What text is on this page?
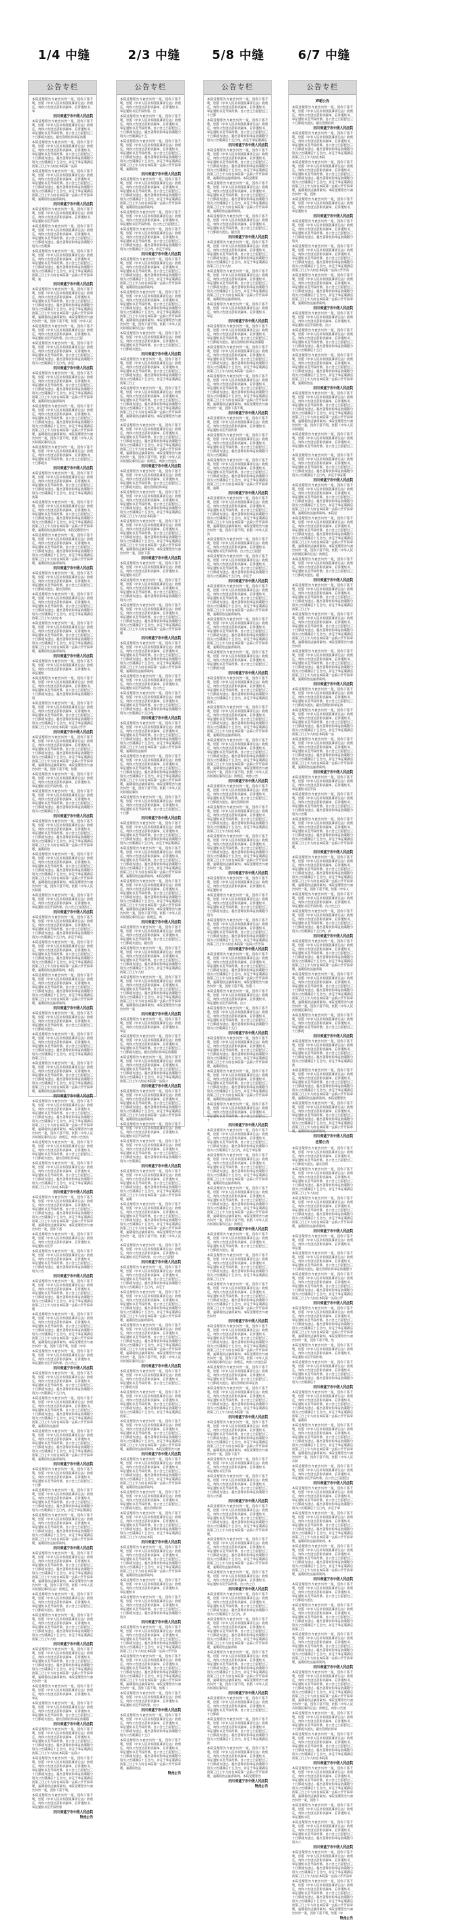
1/4 中缝	2/3 中缝	5/8 中缝	6/7 中缝
公告专栏
本院受理原告与被告纠纷一案，因你下落不明，依照《中华人民共和国民事诉讼法》的规定，向你公告送达起诉状副本、应诉通知书、举
四川省遂宁市中级人民法院
本院受理原告与被告纠纷一案，因你下落不明，依照《中华人民共和国民事诉讼法》的规定，向你公告送达起诉状副本、应诉通知书、举证通知书及开庭传票。自公告之日起经过三十日即视为送达。提出答辩状和举证的期
本院受理原告与被告纠纷一案，因你下落不明，依照《中华人民共和国民事诉讼法》的规定，向你公告送达起诉状副本、应诉通知书、举证通知书及开庭传票。自公告之日起经过三十日即视为送达。提出答辩状和举证的期限分别为公告期满后十五日内，并定于举证期满后的第三日上午九时在本院第一法庭
本院受理原告与被告纠纷一案，因你下落不明，依照《中华人民共和国民事诉讼法》的规定，向你公告送达起诉状副本、应诉通知书、举证通知书及开庭传票。自公告之日起经过三十日即视为送达。提出答辩状和举证的期限分别为公告期满后十五日内，并定于举证期满后的第三日上午九时在本院第一法庭公开开庭审理，逾期将依法缺席裁判。
四川省遂宁市中级人民法院
本院受理原告与被告纠纷一案，因你下落不明，依照《中华人民共和国民事诉讼法》的规定，向你公告送达起诉状副本、应诉通知书、举证通知书及开庭传
本院受理原告与被告纠纷一案，因你下落不明，依照《中华人民共和国民事诉讼法》的规定，向你公告送达起诉状副本、应诉通知书、举证通知书及开庭传票。自公告之日起经过三十日即视为送达。提出答辩状和举证的期限分别为公告期满
本院受理原告与被告纠纷一案，因你下落不明，依照《中华人民共和国民事诉讼法》的规定，向你公告送达起诉状副本、应诉通知书、举证通知书及开庭传票。自公告之日起经过三十日即视为送达。提出答辩状和举证的期限分别为公告期满后十五日内，并定于举证期满后的第三日上午九时在本院第一法庭公开开庭审理，逾
四川省遂宁市中级人民法院
本院受理原告与被告纠纷一案，因你下落不明，依照《中华人民共和国民事诉讼法》的规定，向你公告送达起诉状副本、应诉通知书、举证通知书及开庭传票。自公告之日起经过三十日即视为送达。提出答辩状和举证的期限分别为公告期满后十五日内，并定于举证期满后的第三日上午九时在本院第一法庭公开开庭审理，逾期将依法缺席裁判。本院受理原告与被告纠纷一案，因你下落不明，依照《中华人民
本院受理原告与被告纠纷一案，因你下落不明，依照《中华人民共和国民事诉讼法》的规定，向你公告送达起诉状副本、应诉通知书、举证通知书及开庭传票。自公告之日起
本院受理原告与被告纠纷一案，因你下落不明，依照《中华人民共和国民事诉讼法》的规定，向你公告送达起诉状副本、应诉通知书、举证通知书及开庭传票。自公告之日起经过三十日即视为送达。提出答辩状和举证的期限分别为公告期满后十五日内，并定
四川省遂宁市中级人民法院
本院受理原告与被告纠纷一案，因你下落不明，依照《中华人民共和国民事诉讼法》的规定，向你公告送达起诉状副本、应诉通知书、举证通知书及开庭传票。自公告之日起经过三十日即视为送达。提出答辩状和举证的期限分别为公告期满后十五日内，并定于举证期满后的第三日上午九时在本院第一法庭公开开庭审理，逾期将依法缺席裁判
本院受理原告与被告纠纷一案，因你下落不明，依照《中华人民共和国民事诉讼法》的规定，向你公告送达起诉状副本、应诉通知书、举证通知书及开庭传票。自公告之日起经过三十日即视为送达。提出答辩状和举证的期限分别为公告期满后十五日内，并定于举证期满后的第三日上午九时在本院第一法庭公开开庭审理，逾期将依法缺席裁判。本院受理原告与被告纠纷一案，因你下落不明，依照《中华人民共和国民事诉讼法
本院受理原告与被告纠纷一案，因你下落不明，依照《中华人民共和国民事诉讼法》的规定，向你公告送达起诉状副本、应诉通知书、举证通知书及开庭传票。自公告之日起经过三十日即视为
四川省遂宁市中级人民法院
本院受理原告与被告纠纷一案，因你下落不明，依照《中华人民共和国民事诉讼法》的规定，向你公告送达起诉状副本、应诉通知书、举证通知书及开庭传票。自公告之日起经过三十日即视为送达。提出答辩状和举证的期限分别为公告期满后十五日内，并定于举证期满后的第
本院受理原告与被告纠纷一案，因你下落不明，依照《中华人民共和国民事诉讼法》的规定，向你公告送达起诉状副本、应诉通知书、举证通知书及开庭传票。自公告之日起经过三十日即视为送达。提出答辩状和举证的期限分别为公告期满后十五日内，并定于举证期满后的第三日上午九时在本院第一法庭公开开庭审理，逾期将依法缺席裁判。本院受理原告与
本院受理原告与被告纠纷一案，因你下落不明，依照《中华人民共和国民事诉讼法》的规定，向你公告送达起诉状副本、应诉通知书、举证通知书及开庭传票。自公告之日起经过三十日即视为送达。提出答辩状和举证的期限分别为公告期满后十五日内，并定于举证期满后的第三日上午九时在本院第一法庭公开开庭审理，逾期将依法缺席裁判。
四川省遂宁市中级人民法院
本院受理原告与被告纠纷一案，因你下落不明，依照《中华人民共和国民事诉讼法》的规定，向你公告送达起诉状副本、应诉通知书、举证通知书及开庭传票。自公告之日起经过三十日即视为送达。提出答辩状
本院受理原告与被告纠纷一案，因你下落不明，依照《中华人民共和国民事诉讼法》的规定，向你公告送达起诉状副本、应诉通知书、举证通知书及开庭传票。自公告之日起经过三十日即视为送达。提出答辩状和举证的期限分别为公告期满后十五日内，并定于举证期满后的第三日上午九时在本
本院受理原告与被告纠纷一案，因你下落不明，依照《中华人民共和国民事诉讼法》的规定，向你公告送达起诉状副本、应诉通知书、举证通知书及开庭传票。自公告之日起经过三十日即视为送达。提出答辩状和举证的期限分别为公告期满后十五日内，并定于举证期满后的第三日上午九时在本院第一法庭公开开庭审理，逾期将依法缺席裁判。
四川省遂宁市中级人民法院
本院受理原告与被告纠纷一案，因你下落不明，依照《中华人民共和国民事诉讼法》的规定，向你公告送达起诉状副本、应诉通知书、举证通知
本院受理原告与被告纠纷一案，因你下落不明，依照《中华人民共和国民事诉讼法》的规定，向你公告送达起诉状副本、应诉通知书、举证通知书及开庭传票。自公告之日起经过三十日即视为送达。提出答辩状和举证的期限分别
本院受理原告与被告纠纷一案，因你下落不明，依照《中华人民共和国民事诉讼法》的规定，向你公告送达起诉状副本、应诉通知书、举证通知书及开庭传票。自公告之日起经过三十日即视为送达。提出答辩状和举证的期限分别为公告期满后十五日内，并定于举证期满后的第三日上午九时在本院第一法庭公开开
四川省遂宁市中级人民法院
本院受理原告与被告纠纷一案，因你下落不明，依照《中华人民共和国民事诉讼法》的规定，向你公告送达起诉状副本、应诉通知书、举证通知书及开庭传票。自公告之日起经过三十日即视为送达。提出答辩状和举证的期限分别为公告期满后十五日内，并定于举证期满后的第三日上午九时在本院第一法庭公开开庭审理，逾期将依法缺席裁判。本院受理原告与被告纠纷一案，因你下落不明，依照
本院受理原告与被告纠纷一案，因你下落不明，依照《中华人民共和国民事诉讼法》的规定，向你公告送达起诉状副本、应诉通知书、举证通知书及开庭传票。自
本院受理原告与被告纠纷一案，因你下落不明，依照《中华人民共和国民事诉讼法》的规定，向你公告送达起诉状副本、应诉通知书、举证通知书及开庭传票。自公告之日起经过三十日即视为送达。提出答辩状和举证的期限分别为公告期满后十五
四川省遂宁市中级人民法院
本院受理原告与被告纠纷一案，因你下落不明，依照《中华人民共和国民事诉讼法》的规定，向你公告送达起诉状副本、应诉通知书、举证通知书及开庭传票。自公告之日起经过三十日即视为送达。提出答辩状和举证的期限分别为公告期满后十五日内，并定于举证期满后的第三日上午九时在本院第一法庭公开开庭审理，逾期将依
本院受理原告与被告纠纷一案，因你下落不明，依照《中华人民共和国民事诉讼法》的规定，向你公告送达起诉状副本、应诉通知书、举证通知书及开庭传票。自公告之日起经过三十日即视为送达。提出答辩状和举证的期限分别为公告期满后十五日内，并定于举证期满后的第三日上午九时在本院第一法庭公开开庭审理，逾期将依法缺席裁判。本院受理原告与被告纠纷一案，因你下落不明，依照《中华人民共和国
本院受理原告与被告纠纷一案，因你下落不明，依照《中华人民共和国民事诉讼法》的规定，向你公告送达起诉状副本、应诉通知书、举证通知书及开庭传票。自公告之日起经过三
四川省遂宁市中级人民法院
本院受理原告与被告纠纷一案，因你下落不明，依照《中华人民共和国民事诉讼法》的规定，向你公告送达起诉状副本、应诉通知书、举证通知书及开庭传票。自公告之日起经过三十日即视为送达。提出答辩状和举证的期限分别为公告期满后十五日内，并定于举证
本院受理原告与被告纠纷一案，因你下落不明，依照《中华人民共和国民事诉讼法》的规定，向你公告送达起诉状副本、应诉通知书、举证通知书及开庭传票。自公告之日起经过三十日即视为送达。提出答辩状和举证的期限分别为公告期满后十五日内，并定于举证期满后的第三日上午九时在本院第一法庭公开开庭审理，逾期将依法缺席裁判。本院
本院受理原告与被告纠纷一案，因你下落不明，依照《中华人民共和国民事诉讼法》的规定，向你公告送达起诉状副本、应诉通知书、举证通知书及开庭传票。自公告之日起经过三十日即视为送达。提出答辩状和举证的期限分别为公告期满后十五日内，并定于举证期满后的第三日上午九时在本院第一法庭公开开庭审理，逾期将依法缺席裁判。
四川省遂宁市中级人民法院
本院受理原告与被告纠纷一案，因你下落不明，依照《中华人民共和国民事诉讼法》的规定，向你公告送达起诉状副本、应诉通知书、举证通知书及开庭传票。自公告之日起经过三十日即视为送达。
本院受理原告与被告纠纷一案，因你下落不明，依照《中华人民共和国民事诉讼法》的规定，向你公告送达起诉状副本、应诉通知书、举证通知书及开庭传票。自公告之日起经过三十日即视为送达。提出答辩状和举证的期限分别为公告期满后十五日内，并定于举证期满后的第三日上
本院受理原告与被告纠纷一案，因你下落不明，依照《中华人民共和国民事诉讼法》的规定，向你公告送达起诉状副本、应诉通知书、举证通知书及开庭传票。自公告之日起经过三十日即视为送达。提出答辩状和举证的期限分别为公告期满后十五日内，并定于举证期满后的第三日上午九时在本院第一法庭公开开庭审理，逾期将依法缺席裁判。
四川省遂宁市中级人民法院
本院受理原告与被告纠纷一案，因你下落不明，依照《中华人民共和国民事诉讼法》的规定，向你公告送达起诉状副本、应诉通知书、举证通知书及开庭传票。自公告之日起经过三十日即视为送达。提出答辩状和举证的期限分别为公告期满后十五日内，并定于举证期满后的第三日上午九时在本院第一法庭公开开庭审理，逾期将依法缺席裁判。本院受理原告与被告纠纷一案，因你下落不明，依照《中华人民共和国民事诉讼法》的规定，向你公告送达
本院受理原告与被告纠纷一案，因你下落不明，依照《中华人民共和国民事诉讼法》的规定，向你公告送达起诉状副本、应诉通知书、举证通知书及开庭传票。自公告之日起经过三十日即视为送达。提出答辩状和举证
本院受理原告与被告纠纷一案，因你下落不明，依照《中华人民共和国民事诉讼法》的规定，向你公告送达起诉状副本、应诉通知书、举证通知书及开庭传票。自公告之日起经过三十日即视为送达。提出答辩状和举证的期限分别为公告期满后十五日内，并定于举证期满后的第三日上午九时在本院第一
四川省遂宁市中级人民法院
本院受理原告与被告纠纷一案，因你下落不明，依照《中华人民共和国民事诉讼法》的规定，向你公告送达起诉状副本、应诉通知书、举证通知书及开庭传票。自公告之日起经过三十日即视为送达。提出答辩状和举证的期限分别为公告期满后十五日内，并定于举证期满后的第三日上午九时在本院第一法庭公开开庭审理，逾期将依法缺席裁判。本院受理原告与被告纠纷一案，因你下落
本院受理原告与被告纠纷一案，因你下落不明，依照《中华人民共和国民事诉讼法》的规定，向你公告送达起诉状副本、应诉通知书、举证通知书及开
本院受理原告与被告纠纷一案，因你下落不明，依照《中华人民共和国民事诉讼法》的规定，向你公告送达起诉状副本、应诉通知书、举证通知书及开庭传票。自公告之日起经过三十日即视为送达。提出答辩状和举证的期限分别为公告
四川省遂宁市中级人民法院
本院受理原告与被告纠纷一案，因你下落不明，依照《中华人民共和国民事诉讼法》的规定，向你公告送达起诉状副本、应诉通知书、举证通知书及开庭传票。自公告之日起经过三十日即视为送达。提出答辩状和举证的期限分别为公告期满后十五日内，并定于举证期满后的第三日上午九时在本院第一法庭公开开庭审理
本院受理原告与被告纠纷一案，因你下落不明，依照《中华人民共和国民事诉讼法》的规定，向你公告送达起诉状副本、应诉通知书、举证通知书及开庭传票。自公告之日起经过三十日即视为送达。提出答辩状和举证的期限分别为公告期满后十五日内，并定于举证期满后的第三日上午九时在本院第一法庭公开开庭审理，逾期将依法缺席裁判。本院受理原告与被告纠纷一案，因你下落不明，依照《中华
本院受理原告与被告纠纷一案，因你下落不明，依照《中华人民共和国民事诉讼法》的规定，向你公告送达起诉状副本、应诉通知书、举证通知书及开庭传票。自公告之
四川省遂宁市中级人民法院
本院受理原告与被告纠纷一案，因你下落不明，依照《中华人民共和国民事诉讼法》的规定，向你公告送达起诉状副本、应诉通知书、举证通知书及开庭传票。自公告之日起经过三十日即视为送达。提出答辩状和举证的期限分别为公告期满后十五日内，
本院受理原告与被告纠纷一案，因你下落不明，依照《中华人民共和国民事诉讼法》的规定，向你公告送达起诉状副本、应诉通知书、举证通知书及开庭传票。自公告之日起经过三十日即视为送达。提出答辩状和举证的期限分别为公告期满后十五日内，并定于举证期满后的第三日上午九时在本院第一法庭公开开庭审理，逾期将依法缺席
本院受理原告与被告纠纷一案，因你下落不明，依照《中华人民共和国民事诉讼法》的规定，向你公告送达起诉状副本、应诉通知书、举证通知书及开庭传票。自公告之日起经过三十日即视为送达。提出答辩状和举证的期限分别为公告期满后十五日内，并定于举证期满后的第三日上午九时在本院第一法庭公开开庭审理，逾期将依法缺席裁判。
四川省遂宁市中级人民法院
本院受理原告与被告纠纷一案，因你下落不明，依照《中华人民共和国民事诉讼法》的规定，向你公告送达起诉状副本、应诉通知书、举证通知书及开庭传票。自公告之日起经过三十日即
本院受理原告与被告纠纷一案，因你下落不明，依照《中华人民共和国民事诉讼法》的规定，向你公告送达起诉状副本、应诉通知书、举证通知书及开庭传票。自公告之日起经过三十日即视为送达。提出答辩状和举证的期限分别为公告期满后十五日内，并定于举证期满后
本院受理原告与被告纠纷一案，因你下落不明，依照《中华人民共和国民事诉讼法》的规定，向你公告送达起诉状副本、应诉通知书、举证通知书及开庭传票。自公告之日起经过三十日即视为送达。提出答辩状和举证的期限分别为公告期满后十五日内，并定于举证期满后的第三日上午九时在本院第一法庭公开开庭审理，逾期将依法缺席裁判。
四川省遂宁市中级人民法院
本院受理原告与被告纠纷一案，因你下落不明，依照《中华人民共和国民事诉讼法》的规定，向你公告送达起诉状副本、应诉通知书、举证通知书及开庭传票。自公告之日起经过三十日即视为送达。提出答辩状和举证的期限分别为公告期满后十五日内，并定于举证期满后的第三日上午九时在本院第一法庭公开开庭审理，逾期将依法缺席裁判。本院受理原告与被告纠纷一案，因你下落不明，依照《中华人民共和国民事诉讼法》的规定，向
本院受理原告与被告纠纷一案，因你下落不明，依照《中华人民共和国民事诉讼法》的规定，向你公告送达起诉状副本、应诉通知书、举证通知书及开庭传票。自公告之日起经过三十日即视为送达。提出答
本院受理原告与被告纠纷一案，因你下落不明，依照《中华人民共和国民事诉讼法》的规定，向你公告送达起诉状副本、应诉通知书、举证通知书及开庭传票。自公告之日起经过三十日即视为送达。提出答辩状和举证的期限分别为公告期满后十五日内，并定于举证期满后的第三日上午九时
四川省遂宁市中级人民法院
本院受理原告与被告纠纷一案，因你下落不明，依照《中华人民共和国民事诉讼法》的规定，向你公告送达起诉状副本、应诉通知书、举证通知书及开庭传票。自公告之日起经过三十日即视为送达。提出答辩状和举证的期限分别为公告期满后十五日内，并定于举证期满后的第三日上午九时在本院第一法庭公开开庭审理，逾期将依法缺席裁判。本院受理原告与被告纠纷一案
本院受理原告与被告纠纷一案，因你下落不明，依照《中华人民共和国民事诉讼法》的规定，向你公告送达起诉状副本、应诉通知书、举证
本院受理原告与被告纠纷一案，因你下落不明，依照《中华人民共和国民事诉讼法》的规定，向你公告送达起诉状副本、应诉通知书、举证通知书及开庭传票。自公告之日起经过三十日即视为送达。提出答辩状和举证的期限
四川省遂宁市中级人民法院
本院受理原告与被告纠纷一案，因你下落不明，依照《中华人民共和国民事诉讼法》的规定，向你公告送达起诉状副本、应诉通知书、举证通知书及开庭传票。自公告之日起经过三十日即视为送达。提出答辩状和举证的期限分别为公告期满后十五日内，并定于举证期满后的第三日上午九时在本院第一法庭公
本院受理原告与被告纠纷一案，因你下落不明，依照《中华人民共和国民事诉讼法》的规定，向你公告送达起诉状副本、应诉通知书、举证通知书及开庭传票。自公告之日起经过三十日即视为送达。提出答辩状和举证的期限分别为公告期满后十五日内，并定于举证期满后的第三日上午九时在本院第一法庭公开开庭审理，逾期将依法缺席裁判。本院受理原告与被告纠纷一案，因你下落不明，
本院受理原告与被告纠纷一案，因你下落不明，依照《中华人民共和国民事诉讼法》的规定，向你公告送达起诉状副本、应诉通知书、举证通知书及开庭传票
四川省遂宁市中级人民法院
特此公告
公告专栏
本院受理原告与被告纠纷一案，因你下落不明，依照《中华人民共和国民事诉讼法》的规定，向你公告送达起诉状副本、应诉通知书、举证通知书及开庭传票。自
本院受理原告与被告纠纷一案，因你下落不明，依照《中华人民共和国民事诉讼法》的规定，向你公告送达起诉状副本、应诉通知书、举证通知书及开庭传票。自公告之日起经过三十日即视为送达。提出答辩状和举证的期限分别为公告期满后十五
本院受理原告与被告纠纷一案，因你下落不明，依照《中华人民共和国民事诉讼法》的规定，向你公告送达起诉状副本、应诉通知书、举证通知书及开庭传票。自公告之日起经过三十日即视为送达。提出答辩状和举证的期限分别为公告期满后十五日内，并定于举证期满后的第三日上午九时在本院第一法庭公开开庭审理，逾期将依
四川省遂宁市中级人民法院
本院受理原告与被告纠纷一案，因你下落不明，依照《中华人民共和国民事诉讼法》的规定，向你公告送达起诉状副本、应诉通知书、举证通知书及开庭传票。自公告之日起经过三十日即视为送达。提出答辩状和举证的期限分别为公告期满后十五日内，并定于举证期满后的第三日上午九时在本院第一法庭公开开庭审理，逾期将依法缺席裁判。
本院受理原告与被告纠纷一案，因你下落不明，依照《中华人民共和国民事诉讼法》的规定，向你公告送达起诉状副本、应诉通知书、举证通知书及开庭传票。自公告之日起经过三
本院受理原告与被告纠纷一案，因你下落不明，依照《中华人民共和国民事诉讼法》的规定，向你公告送达起诉状副本、应诉通知书、举证通知书及开庭传票。自公告之日起经过三十日即视为送达。提出答辩状和举证的期限分别为公告期满后十五日内，并定于举证
四川省遂宁市中级人民法院
本院受理原告与被告纠纷一案，因你下落不明，依照《中华人民共和国民事诉讼法》的规定，向你公告送达起诉状副本、应诉通知书、举证通知书及开庭传票。自公告之日起经过三十日即视为送达。提出答辩状和举证的期限分别为公告期满后十五日内，并定于举证期满后的第三日上午九时在本院第一法庭公开开庭审理，逾期将依法缺席裁判。
本院受理原告与被告纠纷一案，因你下落不明，依照《中华人民共和国民事诉讼法》的规定，向你公告送达起诉状副本、应诉通知书、举证通知书及开庭传票。自公告之日起经过三十日即视为送达。提出答辩状和举证的期限分别为公告期满后十五日内，并定于举证期满后的第三日上午九时在本院第一法庭公开开庭审理，逾期将依法缺席裁判。本院受理原告与被告纠纷一案，因你下落不明，依照《中华人民共和国民事诉讼法》的规
本院受理原告与被告纠纷一案，因你下落不明，依照《中华人民共和国民事诉讼法》的规定，向你公告送达起诉状副本、应诉通知书、举证通知书及开庭传票。自公告之日起经过三十日即视为送达。
四川省遂宁市中级人民法院
本院受理原告与被告纠纷一案，因你下落不明，依照《中华人民共和国民事诉讼法》的规定，向你公告送达起诉状副本、应诉通知书、举证通知书及开庭传票。自公告之日起经过三十日即视为送达。提出答辩状和举证的期限分别为公告期满后十五日内，并定于举证期满后的第三日上
本院受理原告与被告纠纷一案，因你下落不明，依照《中华人民共和国民事诉讼法》的规定，向你公告送达起诉状副本、应诉通知书、举证通知书及开庭传票。自公告之日起经过三十日即视为送达。提出答辩状和举证的期限分别为公告期满后十五日内，并定于举证期满后的第三日上午九时在本院第一法庭公开开庭审理，逾期将依法缺席裁判。本院受理原告与被告纠
本院受理原告与被告纠纷一案，因你下落不明，依照《中华人民共和国民事诉讼法》的规定，向你公告送达起诉状副本、应诉通知书、举证通知书及开庭传票。自公告之日起经过三十日即视为送达。提出答辩状和举证的期限分别为公告期满后十五日内，并定于举证期满后的第三日上午九时在本院第一法庭公开开庭审理，逾期将依法缺席裁判。本院受理原告与被告纠纷一案，因你下落不明，依照《中华人民共和国民事诉讼法》的规定，向你公告送达
四川省遂宁市中级人民法院
本院受理原告与被告纠纷一案，因你下落不明，依照《中华人民共和国民事诉讼法》的规定，向你公告送达起诉状副本、应诉通知书、举证通知书及开庭传票。自公告之日起经过三十日即视为送达。提出答辩状和举证
本院受理原告与被告纠纷一案，因你下落不明，依照《中华人民共和国民事诉讼法》的规定，向你公告送达起诉状副本、应诉通知书、举证通知书及开庭传票。自公告之日起经过三十日即视为送达。提出答辩状和举证的期限分别为公告期满后十五日内，并定于举证期满后的第三日上午九时在本院第一
本院受理原告与被告纠纷一案，因你下落不明，依照《中华人民共和国民事诉讼法》的规定，向你公告送达起诉状副本、应诉通知书、举证通知书及开庭传票。自公告之日起经过三十日即视为送达。提出答辩状和举证的期限分别为公告期满后十五日内，并定于举证期满后的第三日上午九时在本院第一法庭公开开庭审理，逾期将依法缺席裁判。本院受理原告与被告纠纷一案，因你下落
四川省遂宁市中级人民法院
本院受理原告与被告纠纷一案，因你下落不明，依照《中华人民共和国民事诉讼法》的规定，向你公告送达起诉状副本、应诉通知书、举证通知书及开
本院受理原告与被告纠纷一案，因你下落不明，依照《中华人民共和国民事诉讼法》的规定，向你公告送达起诉状副本、应诉通知书、举证通知书及开庭传票。自公告之日起经过三十日即视为送达。提出答辩状和举证的期限分别为公告
本院受理原告与被告纠纷一案，因你下落不明，依照《中华人民共和国民事诉讼法》的规定，向你公告送达起诉状副本、应诉通知书、举证通知书及开庭传票。自公告之日起经过三十日即视为送达。提出答辩状和举证的期限分别为公告期满后十五日内，并定于举证期满后的第三日上午九时在本院第一法庭公开开庭审理
四川省遂宁市中级人民法院
本院受理原告与被告纠纷一案，因你下落不明，依照《中华人民共和国民事诉讼法》的规定，向你公告送达起诉状副本、应诉通知书、举证通知书及开庭传票。自公告之日起经过三十日即视为送达。提出答辩状和举证的期限分别为公告期满后十五日内，并定于举证期满后的第三日上午九时在本院第一法庭公开开庭审理，逾期将依法缺席裁判。
本院受理原告与被告纠纷一案，因你下落不明，依照《中华人民共和国民事诉讼法》的规定，向你公告送达起诉状副本、应诉通知书、举证通知书及开庭传票。自公告之
本院受理原告与被告纠纷一案，因你下落不明，依照《中华人民共和国民事诉讼法》的规定，向你公告送达起诉状副本、应诉通知书、举证通知书及开庭传票。自公告之日起经过三十日即视为送达。提出答辩状和举证的期限分别为公告期满后十五日内，
四川省遂宁市中级人民法院
本院受理原告与被告纠纷一案，因你下落不明，依照《中华人民共和国民事诉讼法》的规定，向你公告送达起诉状副本、应诉通知书、举证通知书及开庭传票。自公告之日起经过三十日即视为送达。提出答辩状和举证的期限分别为公告期满后十五日内，并定于举证期满后的第三日上午九时在本院第一法庭公开开庭审理，逾期将依法缺席
本院受理原告与被告纠纷一案，因你下落不明，依照《中华人民共和国民事诉讼法》的规定，向你公告送达起诉状副本、应诉通知书、举证通知书及开庭传票。自公告之日起经过三十日即视为送达。提出答辩状和举证的期限分别为公告期满后十五日内，并定于举证期满后的第三日上午九时在本院第一法庭公开开庭审理，逾期将依法缺席裁判。本院受理原告与被告纠纷一案，因你下落不明，依照《中华人民共和国民事诉
本院受理原告与被告纠纷一案，因你下落不明，依照《中华人民共和国民事诉讼法》的规定，向你公告送达起诉状副本、应诉通知书、举证通知书及开庭传票。自公告之日起经过三十日即
四川省遂宁市中级人民法院
本院受理原告与被告纠纷一案，因你下落不明，依照《中华人民共和国民事诉讼法》的规定，向你公告送达起诉状副本、应诉通知书、举证通知书及开庭传票。自公告之日起经过三十日即视为送达。提出答辩状和举证的期限分别为公告期满后十五日内，并定于举证期满后
本院受理原告与被告纠纷一案，因你下落不明，依照《中华人民共和国民事诉讼法》的规定，向你公告送达起诉状副本、应诉通知书、举证通知书及开庭传票。自公告之日起经过三十日即视为送达。提出答辩状和举证的期限分别为公告期满后十五日内，并定于举证期满后的第三日上午九时在本院第一法庭公开开庭审理，逾期将依法缺席裁判。本院受理原
本院受理原告与被告纠纷一案，因你下落不明，依照《中华人民共和国民事诉讼法》的规定，向你公告送达起诉状副本、应诉通知书、举证通知书及开庭传票。自公告之日起经过三十日即视为送达。提出答辩状和举证的期限分别为公告期满后十五日内，并定于举证期满后的第三日上午九时在本院第一法庭公开开庭审理，逾期将依法缺席裁判。本院受理原告与被告纠纷一案，因你下落不明，依照《中华人民共和国民事诉讼法》的规定，向
四川省遂宁市中级人民法院
本院受理原告与被告纠纷一案，因你下落不明，依照《中华人民共和国民事诉讼法》的规定，向你公告送达起诉状副本、应诉通知书、举证通知书及开庭传票。自公告之日起经过三十日即视为送达。提出答
本院受理原告与被告纠纷一案，因你下落不明，依照《中华人民共和国民事诉讼法》的规定，向你公告送达起诉状副本、应诉通知书、举证通知书及开庭传票。自公告之日起经过三十日即视为送达。提出答辩状和举证的期限分别为公告期满后十五日内，并定于举证期满后的第三日上午九时
本院受理原告与被告纠纷一案，因你下落不明，依照《中华人民共和国民事诉讼法》的规定，向你公告送达起诉状副本、应诉通知书、举证通知书及开庭传票。自公告之日起经过三十日即视为送达。提出答辩状和举证的期限分别为公告期满后十五日内，并定于举证期满后的第三日上午九时在本院第一法庭公开开庭审理，逾期将依法缺席裁判。本院受理原告与被告纠纷一案
四川省遂宁市中级人民法院
本院受理原告与被告纠纷一案，因你下落不明，依照《中华人民共和国民事诉讼法》的规定，向你公告送达起诉状副本、应诉通知书、举证
本院受理原告与被告纠纷一案，因你下落不明，依照《中华人民共和国民事诉讼法》的规定，向你公告送达起诉状副本、应诉通知书、举证通知书及开庭传票。自公告之日起经过三十日即视为送达。提出答辩状和举证的期限
本院受理原告与被告纠纷一案，因你下落不明，依照《中华人民共和国民事诉讼法》的规定，向你公告送达起诉状副本、应诉通知书、举证通知书及开庭传票。自公告之日起经过三十日即视为送达。提出答辩状和举证的期限分别为公告期满后十五日内，并定于举证期满后的第三日上午九时在本院第一法庭公
四川省遂宁市中级人民法院
本院受理原告与被告纠纷一案，因你下落不明，依照《中华人民共和国民事诉讼法》的规定，向你公告送达起诉状副本、应诉通知书、举证通知书及开庭传票。自公告之日起经过三十日即视为送达。提出答辩状和举证的期限分别为公告期满后十五日内，并定于举证期满后的第三日上午九时在本院第一法庭公开开庭审理，逾期将依法缺席裁判。
本院受理原告与被告纠纷一案，因你下落不明，依照《中华人民共和国民事诉讼法》的规定，向你公告送达起诉状副本、应诉通知书、举证通知书及开庭传票
本院受理原告与被告纠纷一案，因你下落不明，依照《中华人民共和国民事诉讼法》的规定，向你公告送达起诉状副本、应诉通知书、举证通知书及开庭传票。自公告之日起经过三十日即视为送达。提出答辩状和举证的期限分别为公告期满后
四川省遂宁市中级人民法院
本院受理原告与被告纠纷一案，因你下落不明，依照《中华人民共和国民事诉讼法》的规定，向你公告送达起诉状副本、应诉通知书、举证通知书及开庭传票。自公告之日起经过三十日即视为送达。提出答辩状和举证的期限分别为公告期满后十五日内，并定于举证期满后的第三日上午九时在本院第一法庭公开开庭审理，逾期
本院受理原告与被告纠纷一案，因你下落不明，依照《中华人民共和国民事诉讼法》的规定，向你公告送达起诉状副本、应诉通知书、举证通知书及开庭传票。自公告之日起经过三十日即视为送达。提出答辩状和举证的期限分别为公告期满后十五日内，并定于举证期满后的第三日上午九时在本院第一法庭公开开庭审理，逾期将依法缺席裁判。本院受理原告与被告纠纷一案，因你下落不明，依照《中华人民共
本院受理原告与被告纠纷一案，因你下落不明，依照《中华人民共和国民事诉讼法》的规定，向你公告送达起诉状副本、应诉通知书、举证通知书及开庭传票。自公告之日起经
四川省遂宁市中级人民法院
本院受理原告与被告纠纷一案，因你下落不明，依照《中华人民共和国民事诉讼法》的规定，向你公告送达起诉状副本、应诉通知书、举证通知书及开庭传票。自公告之日起经过三十日即视为送达。提出答辩状和举证的期限分别为公告期满后十五日内，并定于
本院受理原告与被告纠纷一案，因你下落不明，依照《中华人民共和国民事诉讼法》的规定，向你公告送达起诉状副本、应诉通知书、举证通知书及开庭传票。自公告之日起经过三十日即视为送达。提出答辩状和举证的期限分别为公告期满后十五日内，并定于举证期满后的第三日上午九时在本院第一法庭公开开庭审理，逾期将依法缺席裁判。
本院受理原告与被告纠纷一案，因你下落不明，依照《中华人民共和国民事诉讼法》的规定，向你公告送达起诉状副本、应诉通知书、举证通知书及开庭传票。自公告之日起经过三十日即视为送达。提出答辩状和举证的期限分别为公告期满后十五日内，并定于举证期满后的第三日上午九时在本院第一法庭公开开庭审理，逾期将依法缺席裁判。本院受理原告与被告纠纷一案，因你下落不明，依照《中华人民共和国民事诉讼法》
四川省遂宁市中级人民法院
本院受理原告与被告纠纷一案，因你下落不明，依照《中华人民共和国民事诉讼法》的规定，向你公告送达起诉状副本、应诉通知书、举证通知书及开庭传票。自公告之日起经过三十日即视为送
本院受理原告与被告纠纷一案，因你下落不明，依照《中华人民共和国民事诉讼法》的规定，向你公告送达起诉状副本、应诉通知书、举证通知书及开庭传票。自公告之日起经过三十日即视为送达。提出答辩状和举证的期限分别为公告期满后十五日内，并定于举证期满后的第三
本院受理原告与被告纠纷一案，因你下落不明，依照《中华人民共和国民事诉讼法》的规定，向你公告送达起诉状副本、应诉通知书、举证通知书及开庭传票。自公告之日起经过三十日即视为送达。提出答辩状和举证的期限分别为公告期满后十五日内，并定于举证期满后的第三日上午九时在本院第一法庭公开开庭审理，逾期将依法缺席裁判。本院受理原告与被
四川省遂宁市中级人民法院
本院受理原告与被告纠纷一案，因你下落不明，依照《中华人民共和国民事诉讼法》的规定，向你公告送达起诉状副本、应诉通知书、举证通知书及开庭传票。自公告之日起经过三十日即视为送达。提出答辩状和举证的期限分别为公告期满后十五日内，并定于举证期满后的第三日上午九时在本院第一法庭公开开庭审理，逾期将依法缺席裁判。
本院受理原告与被告纠纷一案，因你下落不明，依照《中华人民共和国民事诉讼法》的规定，向你公告送达起诉状副本、应诉通知书、举证通知书及开庭传票。自公告之日起经过三十日即视为送达。提出答辩状和
本院受理原告与被告纠纷一案，因你下落不明，依照《中华人民共和国民事诉讼法》的规定，向你公告送达起诉状副本、应诉通知书、举证通知书及开庭传票。自公告之日起经过三十日即视为送达。提出答辩状和举证的期限分别为公告期满后十五日内，并定于举证期满后的第三日上午九时在本院
四川省遂宁市中级人民法院
本院受理原告与被告纠纷一案，因你下落不明，依照《中华人民共和国民事诉讼法》的规定，向你公告送达起诉状副本、应诉通知书、举证通知书及开庭传票。自公告之日起经过三十日即视为送达。提出答辩状和举证的期限分别为公告期满后十五日内，并定于举证期满后的第三日上午九时在本院第一法庭公开开庭审理，逾期将依法缺席裁判。
本院受理原告与被告纠纷一案，因你下落不明，依照《中华人民共和国民事诉讼法》的规定，向你公告送达起诉状副本、应诉通知书、举证通知书
本院受理原告与被告纠纷一案，因你下落不明，依照《中华人民共和国民事诉讼法》的规定，向你公告送达起诉状副本、应诉通知书、举证通知书及开庭传票。自公告之日起经过三十日即视为送达。提出答辩状和举证的期限分别为
四川省遂宁市中级人民法院
本院受理原告与被告纠纷一案，因你下落不明，依照《中华人民共和国民事诉讼法》的规定，向你公告送达起诉状副本、应诉通知书、举证通知书及开庭传票。自公告之日起经过三十日即视为送达。提出答辩状和举证的期限分别为公告期满后十五日内，并定于举证期满后的第三日上午九时在本院第一法庭公开开庭
本院受理原告与被告纠纷一案，因你下落不明，依照《中华人民共和国民事诉讼法》的规定，向你公告送达起诉状副本、应诉通知书、举证通知书及开庭传票。自公告之日起经过三十日即视为送达。提出答辩状和举证的期限分别为公告期满后十五日内，并定于举证期满后的第三日上午九时在本院第一法庭公开开庭审理，逾期将依法缺席裁判。本院受理原告与被告纠纷一案，因你下落不明，依照《
本院受理原告与被告纠纷一案，因你下落不明，依照《中华人民共和国民事诉讼法》的规定，向你公告送达起诉状副本、应诉通知书、举证通知书及开庭传票。自公
四川省遂宁市中级人民法院
本院受理原告与被告纠纷一案，因你下落不明，依照《中华人民共和国民事诉讼法》的规定，向你公告送达起诉状副本、应诉通知书、举证通知书及开庭传票。自公告之日起经过三十日即视为送达。提出答辩状和举证的期限分别为公告期满后十五日
本院受理原告与被告纠纷一案，因你下落不明，依照《中华人民共和国民事诉讼法》的规定，向你公告送达起诉状副本、应诉通知书、举证通知书及开庭传票。自公告之日起经过三十日即视为送达。提出答辩状和举证的期限分别为公告期满后十五日内，并定于举证期满后的第三日上午九时在本院第一法庭公开开庭审理，逾期将依法
特此公告
公告专栏
本院受理原告与被告纠纷一案，因你下落不明，依照《中华人民共和国民事诉讼法》的规定，向你公告送达起诉状副本、应诉通知书、举证通知书及开庭传票。自公告之日起经过三十日即
本院受理原告与被告纠纷一案，因你下落不明，依照《中华人民共和国民事诉讼法》的规定，向你公告送达起诉状副本、应诉通知书、举证通知书及开庭传票。自公告之日起经过三十日即视为送达。提出答辩状和举证的期限分别为公告期满后十五日内，并定于举证期满后
四川省遂宁市中级人民法院
本院受理原告与被告纠纷一案，因你下落不明，依照《中华人民共和国民事诉讼法》的规定，向你公告送达起诉状副本、应诉通知书、举证通知书及开庭传票。自公告之日起经过三十日即视为送达。提出答辩状和举证的期限分别为公告期满后十五日内，并定于举证期满后的第三日上午九时在本院第一法庭公开开庭审理，逾期将依法缺席裁判。本院受理原
本院受理原告与被告纠纷一案，因你下落不明，依照《中华人民共和国民事诉讼法》的规定，向你公告送达起诉状副本、应诉通知书、举证通知书及开庭传票。自公告之日起经过三十日即视为送达。提出答辩状和举证的期限分别为公告期满后十五日内，并定于举证期满后的第三日上午九时在本院第一法庭公开开庭审理，逾期将依法缺席裁判。
本院受理原告与被告纠纷一案，因你下落不明，依照《中华人民共和国民事诉讼法》的规定，向你公告送达起诉状副本、应诉通知书、举证通知书及开庭传票。自公告之日起经过三十日即视为送达。提出答
四川省遂宁市中级人民法院
本院受理原告与被告纠纷一案，因你下落不明，依照《中华人民共和国民事诉讼法》的规定，向你公告送达起诉状副本、应诉通知书、举证通知书及开庭传票。自公告之日起经过三十日即视为送达。提出答辩状和举证的期限分别为公告期满后十五日内，并定于举证期满后的第三日上午九时
本院受理原告与被告纠纷一案，因你下落不明，依照《中华人民共和国民事诉讼法》的规定，向你公告送达起诉状副本、应诉通知书、举证通知书及开庭传票。自公告之日起经过三十日即视为送达。提出答辩状和举证的期限分别为公告期满后十五日内，并定于举证期满后的第三日上午九时在本院第一法庭公开开庭审理，逾期将依法缺席裁判。
本院受理原告与被告纠纷一案，因你下落不明，依照《中华人民共和国民事诉讼法》的规定，向你公告送达起诉状副本、应诉通知书、举证
四川省遂宁市中级人民法院
本院受理原告与被告纠纷一案，因你下落不明，依照《中华人民共和国民事诉讼法》的规定，向你公告送达起诉状副本、应诉通知书、举证通知书及开庭传票。自公告之日起经过三十日即视为送达。提出答辩状和举证的期限
本院受理原告与被告纠纷一案，因你下落不明，依照《中华人民共和国民事诉讼法》的规定，向你公告送达起诉状副本、应诉通知书、举证通知书及开庭传票。自公告之日起经过三十日即视为送达。提出答辩状和举证的期限分别为公告期满后十五日内，并定于举证期满后的第三日上午九时在本院第一法庭公
本院受理原告与被告纠纷一案，因你下落不明，依照《中华人民共和国民事诉讼法》的规定，向你公告送达起诉状副本、应诉通知书、举证通知书及开庭传票。自公告之日起经过三十日即视为送达。提出答辩状和举证的期限分别为公告期满后十五日内，并定于举证期满后的第三日上午九时在本院第一法庭公开开庭审理，逾期将依法缺席裁判。本院受理原告与被告纠纷一案，因你下落不明，
四川省遂宁市中级人民法院
本院受理原告与被告纠纷一案，因你下落不明，依照《中华人民共和国民事诉讼法》的规定，向你公告送达起诉状副本、应诉通知书、举证通知书及开庭传票
本院受理原告与被告纠纷一案，因你下落不明，依照《中华人民共和国民事诉讼法》的规定，向你公告送达起诉状副本、应诉通知书、举证通知书及开庭传票。自公告之日起经过三十日即视为送达。提出答辩状和举证的期限分别为公告期满后
本院受理原告与被告纠纷一案，因你下落不明，依照《中华人民共和国民事诉讼法》的规定，向你公告送达起诉状副本、应诉通知书、举证通知书及开庭传票。自公告之日起经过三十日即视为送达。提出答辩状和举证的期限分别为公告期满后十五日内，并定于举证期满后的第三日上午九时在本院第一法庭公开开庭审理，逾期
四川省遂宁市中级人民法院
本院受理原告与被告纠纷一案，因你下落不明，依照《中华人民共和国民事诉讼法》的规定，向你公告送达起诉状副本、应诉通知书、举证通知书及开庭传票。自公告之日起经过三十日即视为送达。提出答辩状和举证的期限分别为公告期满后十五日内，并定于举证期满后的第三日上午九时在本院第一法庭公开开庭审理，逾期将依法缺席裁判。本院受理原告与被告纠纷一案，因你下落不明，依照《中华人民共
本院受理原告与被告纠纷一案，因你下落不明，依照《中华人民共和国民事诉讼法》的规定，向你公告送达起诉状副本、应诉通知书、举证通知书及开庭传票。自公告之日起经
本院受理原告与被告纠纷一案，因你下落不明，依照《中华人民共和国民事诉讼法》的规定，向你公告送达起诉状副本、应诉通知书、举证通知书及开庭传票。自公告之日起经过三十日即视为送达。提出答辩状和举证的期限分别为公告期满后十五日内，并定于
四川省遂宁市中级人民法院
本院受理原告与被告纠纷一案，因你下落不明，依照《中华人民共和国民事诉讼法》的规定，向你公告送达起诉状副本、应诉通知书、举证通知书及开庭传票。自公告之日起经过三十日即视为送达。提出答辩状和举证的期限分别为公告期满后十五日内，并定于举证期满后的第三日上午九时在本院第一法庭公开开庭审理，逾期将依法缺席裁判。
本院受理原告与被告纠纷一案，因你下落不明，依照《中华人民共和国民事诉讼法》的规定，向你公告送达起诉状副本、应诉通知书、举证通知书及开庭传票。自公告之日起经过三十日即视为送达。提出答辩状和举证的期限分别为公告期满后十五日内，并定于举证期满后的第三日上午九时在本院第一法庭公开开庭审理，逾期将依法缺席裁判。
本院受理原告与被告纠纷一案，因你下落不明，依照《中华人民共和国民事诉讼法》的规定，向你公告送达起诉状副本、应诉通知书、举证通知书及开庭传票。自公告之日起经过三十日即视为送
四川省遂宁市中级人民法院
本院受理原告与被告纠纷一案，因你下落不明，依照《中华人民共和国民事诉讼法》的规定，向你公告送达起诉状副本、应诉通知书、举证通知书及开庭传票。自公告之日起经过三十日即视为送达。提出答辩状和举证的期限分别为公告期满后十五日内，并定于举证期满后的第三
本院受理原告与被告纠纷一案，因你下落不明，依照《中华人民共和国民事诉讼法》的规定，向你公告送达起诉状副本、应诉通知书、举证通知书及开庭传票。自公告之日起经过三十日即视为送达。提出答辩状和举证的期限分别为公告期满后十五日内，并定于举证期满后的第三日上午九时在本院第一法庭公开开庭审理，逾期将依法缺席裁判。
本院受理原告与被告纠纷一案，因你下落不明，依照《中华人民共和国民事诉讼法》的规定，向你公告送达起诉状副本、应诉通知书、举证通知书及开庭传票。自公告之日起经过三十日即视为送达。提出答辩状和举证的期限分别为公告期满后十五日内，并定于举证期满后的第三日上午九时在本院第一法庭公开开庭审理，逾期将依法缺席裁判。本院受理原告与被告纠纷一案，因你下落不明，依照《中华人民共和国民事诉讼法》的规定，向你公告
四川省遂宁市中级人民法院
本院受理原告与被告纠纷一案，因你下落不明，依照《中华人民共和国民事诉讼法》的规定，向你公告送达起诉状副本、应诉通知书、举证通知书及开庭传票。自公告之日起经过三十日即视为送达。提出答辩状和
本院受理原告与被告纠纷一案，因你下落不明，依照《中华人民共和国民事诉讼法》的规定，向你公告送达起诉状副本、应诉通知书、举证通知书及开庭传票。自公告之日起经过三十日即视为送达。提出答辩状和举证的期限分别为公告期满后十五日内，并定于举证期满后的第三日上午九时在本院
本院受理原告与被告纠纷一案，因你下落不明，依照《中华人民共和国民事诉讼法》的规定，向你公告送达起诉状副本、应诉通知书、举证通知书及开庭传票。自公告之日起经过三十日即视为送达。提出答辩状和举证的期限分别为公告期满后十五日内，并定于举证期满后的第三日上午九时在本院第一法庭公开开庭审理，逾期将依法缺席裁判。本院受理原告与被告纠纷一案，因你
四川省遂宁市中级人民法院
本院受理原告与被告纠纷一案，因你下落不明，依照《中华人民共和国民事诉讼法》的规定，向你公告送达起诉状副本、应诉通知书、举证通知书
本院受理原告与被告纠纷一案，因你下落不明，依照《中华人民共和国民事诉讼法》的规定，向你公告送达起诉状副本、应诉通知书、举证通知书及开庭传票。自公告之日起经过三十日即视为送达。提出答辩状和举证的期限分别为
本院受理原告与被告纠纷一案，因你下落不明，依照《中华人民共和国民事诉讼法》的规定，向你公告送达起诉状副本、应诉通知书、举证通知书及开庭传票。自公告之日起经过三十日即视为送达。提出答辩状和举证的期限分别为公告期满后十五日内，并定于举证期满后的第三日上午九时在本院第一法庭公开开庭
四川省遂宁市中级人民法院
本院受理原告与被告纠纷一案，因你下落不明，依照《中华人民共和国民事诉讼法》的规定，向你公告送达起诉状副本、应诉通知书、举证通知书及开庭传票。自公告之日起经过三十日即视为送达。提出答辩状和举证的期限分别为公告期满后十五日内，并定于举证期满后的第三日上午九时在本院第一法庭公开开庭审理，逾期将依法缺席裁判。本院受理原告与被告纠纷一案，因你下落不明，依照《
本院受理原告与被告纠纷一案，因你下落不明，依照《中华人民共和国民事诉讼法》的规定，向你公告送达起诉状副本、应诉通知书、举证通知书及开庭传票。自公
本院受理原告与被告纠纷一案，因你下落不明，依照《中华人民共和国民事诉讼法》的规定，向你公告送达起诉状副本、应诉通知书、举证通知书及开庭传票。自公告之日起经过三十日即视为送达。提出答辩状和举证的期限分别为公告期满后十五日
四川省遂宁市中级人民法院
本院受理原告与被告纠纷一案，因你下落不明，依照《中华人民共和国民事诉讼法》的规定，向你公告送达起诉状副本、应诉通知书、举证通知书及开庭传票。自公告之日起经过三十日即视为送达。提出答辩状和举证的期限分别为公告期满后十五日内，并定于举证期满后的第三日上午九时在本院第一法庭公开开庭审理，逾期将依法
本院受理原告与被告纠纷一案，因你下落不明，依照《中华人民共和国民事诉讼法》的规定，向你公告送达起诉状副本、应诉通知书、举证通知书及开庭传票。自公告之日起经过三十日即视为送达。提出答辩状和举证的期限分别为公告期满后十五日内，并定于举证期满后的第三日上午九时在本院第一法庭公开开庭审理，逾期将依法缺席裁判。
本院受理原告与被告纠纷一案，因你下落不明，依照《中华人民共和国民事诉讼法》的规定，向你公告送达起诉状副本、应诉通知书、举证通知书及开庭传票。自公告之日起经过三十
四川省遂宁市中级人民法院
本院受理原告与被告纠纷一案，因你下落不明，依照《中华人民共和国民事诉讼法》的规定，向你公告送达起诉状副本、应诉通知书、举证通知书及开庭传票。自公告之日起经过三十日即视为送达。提出答辩状和举证的期限分别为公告期满后十五日内，并定于举证期
本院受理原告与被告纠纷一案，因你下落不明，依照《中华人民共和国民事诉讼法》的规定，向你公告送达起诉状副本、应诉通知书、举证通知书及开庭传票。自公告之日起经过三十日即视为送达。提出答辩状和举证的期限分别为公告期满后十五日内，并定于举证期满后的第三日上午九时在本院第一法庭公开开庭审理，逾期将依法缺席裁判。
本院受理原告与被告纠纷一案，因你下落不明，依照《中华人民共和国民事诉讼法》的规定，向你公告送达起诉状副本、应诉通知书、举证通知书及开庭传票。自公告之日起经过三十日即视为送达。提出答辩状和举证的期限分别为公告期满后十五日内，并定于举证期满后的第三日上午九时在本院第一法庭公开开庭审理，逾期将依法缺席裁判。本院受理原告与被告纠纷一案，因你下落不明，依照《中华人民共和国民事诉讼法》的规定
四川省遂宁市中级人民法院
本院受理原告与被告纠纷一案，因你下落不明，依照《中华人民共和国民事诉讼法》的规定，向你公告送达起诉状副本、应诉通知书、举证通知书及开庭传票。自公告之日起经过三十日即视为送达。提
本院受理原告与被告纠纷一案，因你下落不明，依照《中华人民共和国民事诉讼法》的规定，向你公告送达起诉状副本、应诉通知书、举证通知书及开庭传票。自公告之日起经过三十日即视为送达。提出答辩状和举证的期限分别为公告期满后十五日内，并定于举证期满后的第三日上午
本院受理原告与被告纠纷一案，因你下落不明，依照《中华人民共和国民事诉讼法》的规定，向你公告送达起诉状副本、应诉通知书、举证通知书及开庭传票。自公告之日起经过三十日即视为送达。提出答辩状和举证的期限分别为公告期满后十五日内，并定于举证期满后的第三日上午九时在本院第一法庭公开开庭审理，逾期将依法缺席裁判。本院受理原告与被告纠纷
四川省遂宁市中级人民法院
本院受理原告与被告纠纷一案，因你下落不明，依照《中华人民共和国民事诉讼法》的规定，向你公告送达起诉状副本、应诉通知书、举证通知书及开庭传票。自公告之日起经过三十日即视为送达。提出答辩状和举证的期限分别为公告期满后十五日内，并定于举证期满后的第三日上午九时在本院第一法庭公开开庭审理，逾期将依法缺席裁判。本院受理原告与被告纠纷一案，因你下落不明，依照《中华人民共和国民事诉讼法》的规定，向你公告送达起
本院受理原告与被告纠纷一案，因你下落不明，依照《中华人民共和国民事诉讼法》的规定，向你公告送达起诉状副本、应诉通知书、举证通知书及开庭传票。自公告之日起经过三十日即视为送达。提出答辩状和举证的
本院受理原告与被告纠纷一案，因你下落不明，依照《中华人民共和国民事诉讼法》的规定，向你公告送达起诉状副本、应诉通知书、举证通知书及开庭传票。自公告之日起经过三十日即视为送达。提出答辩状和举证的期限分别为公告期满后十五日内，并定于举证期满后的第三日上午九时在本院第一法
四川省遂宁市中级人民法院
本院受理原告与被告纠纷一案，因你下落不明，依照《中华人民共和国民事诉讼法》的规定，向你公告送达起诉状副本、应诉通知书、举证通知书及开庭传票。自公告之日起经过三十日即视为送达。提出答辩状和举证的期限分别为公告期满后十五日内，并定于举证期满后的第三日上午九时在本院第一法庭公开开庭审理，逾期将依法缺席裁判。本院受理原告与被告纠纷一案，因你下落不
本院受理原告与被告纠纷一案，因你下落不明，依照《中华人民共和国民事诉讼法》的规定，向你公告送达起诉状副本、应诉通知书、举证通知书及开庭
本院受理原告与被告纠纷一案，因你下落不明，依照《中华人民共和国民事诉讼法》的规定，向你公告送达起诉状副本、应诉通知书、举证通知书及开庭传票。自公告之日起经过三十日即视为送达。提出答辩状和举证的期限分别为公告期
四川省遂宁市中级人民法院
本院受理原告与被告纠纷一案，因你下落不明，依照《中华人民共和国民事诉讼法》的规定，向你公告送达起诉状副本、应诉通知书、举证通知书及开庭传票。自公告之日起经过三十日即视为送达。提出答辩状和举证的期限分别为公告期满后十五日内，并定于举证期满后的第三日上午九时在本院第一法庭公开开庭审理，
本院受理原告与被告纠纷一案，因你下落不明，依照《中华人民共和国民事诉讼法》的规定，向你公告送达起诉状副本、应诉通知书、举证通知书及开庭传票。自公告之日起经过三十日即视为送达。提出答辩状和举证的期限分别为公告期满后十五日内，并定于举证期满后的第三日上午九时在本院第一法庭公开开庭审理，逾期将依法缺席裁判。
本院受理原告与被告纠纷一案，因你下落不明，依照《中华人民共和国民事诉讼法》的规定，向你公告送达起诉状副本、应诉通知书、举证通知书及开庭传票。自公告之日
四川省遂宁市中级人民法院
本院受理原告与被告纠纷一案，因你下落不明，依照《中华人民共和国民事诉讼法》的规定，向你公告送达起诉状副本、应诉通知书、举证通知书及开庭传票。自公告之日起经过三十日即视为送达。提出答辩状和举证的期限分别为公告期满后十五日内，并
本院受理原告与被告纠纷一案，因你下落不明，依照《中华人民共和国民事诉讼法》的规定，向你公告送达起诉状副本、应诉通知书、举证通知书及开庭传票。自公告之日起经过三十日即视为送达。提出答辩状和举证的期限分别为公告期满后十五日内，并定于举证期满后的第三日上午九时在本院第一法庭公开开庭审理，逾期将依法缺席裁
本院受理原告与被告纠纷一案，因你下落不明，依照《中华人民共和国民事诉讼法》的规定，向你公告送达起诉状副本、应诉通知书、举证通知书及开庭传票。自公告之日起经过三十日即视为送达。提出答辩状和举证的期限分别为公告期满后十五日内，并定于举证期满后的第三日上午九时在本院第一法庭公开开庭审理，逾期将依法缺席裁判。本院受理原告与被告纠纷一案，因你下落不明，依照《中华人民共和国民事诉讼
四川省遂宁市中级人民法院
本院受理原告与被告纠纷一案，因你下落不明，依照《中华人民共和国民事诉讼法》的规定，向你公告送达起诉状副本、应诉通知书、举证通知书及开庭传票。自公告之日起经过三十日即视
本院受理原告与被告纠纷一案，因你下落不明，依照《中华人民共和国民事诉讼法》的规定，向你公告送达起诉状副本、应诉通知书、举证通知书及开庭传票。自公告之日起经过三十日即视为送达。提出答辩状和举证的期限分别为公告期满后十五日内，并定于举证期满后的
本院受理原告与被告纠纷一案，因你下落不明，依照《中华人民共和国民事诉讼法》的规定，向你公告送达起诉状副本、应诉通知书、举证通知书及开庭传票。自公告之日起经过三十日即视为送达。提出答辩状和举证的期限分别为公告期满后十五日内，并定于举证期满后的第三日上午九时在本院第一法庭公开开庭审理，逾期将依法缺席裁判。本院受理原告
四川省遂宁市中级人民法院
特此公告
公告专栏
声明公告
本院受理原告与被告纠纷一案，因你下落不明，依照《中华人民共和国民事诉讼法》的规定，向你公告送达起诉状副本、应诉通知书、举证通知书及开庭传票。自公告之日起经过三十日即视为送达。提出答辩状和
四川省遂宁市中级人民法院
本院受理原告与被告纠纷一案，因你下落不明，依照《中华人民共和国民事诉讼法》的规定，向你公告送达起诉状副本、应诉通知书、举证通知书及开庭传票。自公告之日起经过三十日即视为送达。提出答辩状和举证的期限分别为公告期满后十五日内，并定于举证期满后的第三日上午九时在本院
本院受理原告与被告纠纷一案，因你下落不明，依照《中华人民共和国民事诉讼法》的规定，向你公告送达起诉状副本、应诉通知书、举证通知书及开庭传票。自公告之日起经过三十日即视为送达。提出答辩状和举证的期限分别为公告期满后十五日内，并定于举证期满后的第三日上午九时在本院第一法庭公开开庭审理，逾期将依法缺席裁判。本院受理原告与被告纠纷一案，因你
本院受理原告与被告纠纷一案，因你下落不明，依照《中华人民共和国民事诉讼法》的规定，向你公告送达起诉状副本、应诉通知书、举证通知书
四川省遂宁市中级人民法院
本院受理原告与被告纠纷一案，因你下落不明，依照《中华人民共和国民事诉讼法》的规定，向你公告送达起诉状副本、应诉通知书、举证通知书及开庭传票。自公告之日起经过三十日即视为送达。提出答辩状和举证的期限分别为
本院受理原告与被告纠纷一案，因你下落不明，依照《中华人民共和国民事诉讼法》的规定，向你公告送达起诉状副本、应诉通知书、举证通知书及开庭传票。自公告之日起经过三十日即视为送达。提出答辩状和举证的期限分别为公告期满后十五日内，并定于举证期满后的第三日上午九时在本院第一法庭公开开庭
本院受理原告与被告纠纷一案，因你下落不明，依照《中华人民共和国民事诉讼法》的规定，向你公告送达起诉状副本、应诉通知书、举证通知书及开庭传票。自公告之日起经过三十日即视为送达。提出答辩状和举证的期限分别为公告期满后十五日内，并定于举证期满后的第三日上午九时在本院第一法庭公开开庭审理，逾期将依法缺席裁判。
四川省遂宁市中级人民法院
本院受理原告与被告纠纷一案，因你下落不明，依照《中华人民共和国民事诉讼法》的规定，向你公告送达起诉状副本、应诉通知书、举证通知书及开庭传票。自公
本院受理原告与被告纠纷一案，因你下落不明，依照《中华人民共和国民事诉讼法》的规定，向你公告送达起诉状副本、应诉通知书、举证通知书及开庭传票。自公告之日起经过三十日即视为送达。提出答辩状和举证的期限分别为公告期满后十五日
本院受理原告与被告纠纷一案，因你下落不明，依照《中华人民共和国民事诉讼法》的规定，向你公告送达起诉状副本、应诉通知书、举证通知书及开庭传票。自公告之日起经过三十日即视为送达。提出答辩状和举证的期限分别为公告期满后十五日内，并定于举证期满后的第三日上午九时在本院第一法庭公开开庭审理，逾期将依法
四川省遂宁市中级人民法院
本院受理原告与被告纠纷一案，因你下落不明，依照《中华人民共和国民事诉讼法》的规定，向你公告送达起诉状副本、应诉通知书、举证通知书及开庭传票。自公告之日起经过三十日即视为送达。提出答辩状和举证的期限分别为公告期满后十五日内，并定于举证期满后的第三日上午九时在本院第一法庭公开开庭审理，逾期将依法缺席裁判。本院受理原告与被告纠纷一案，因你下落不明，依照《中华人民共和国民
本院受理原告与被告纠纷一案，因你下落不明，依照《中华人民共和国民事诉讼法》的规定，向你公告送达起诉状副本、应诉通知书、举证通知书及开庭传票。自公告之日起经过三十
本院受理原告与被告纠纷一案，因你下落不明，依照《中华人民共和国民事诉讼法》的规定，向你公告送达起诉状副本、应诉通知书、举证通知书及开庭传票。自公告之日起经过三十日即视为送达。提出答辩状和举证的期限分别为公告期满后十五日内，并定于举证期
四川省遂宁市中级人民法院
本院受理原告与被告纠纷一案，因你下落不明，依照《中华人民共和国民事诉讼法》的规定，向你公告送达起诉状副本、应诉通知书、举证通知书及开庭传票。自公告之日起经过三十日即视为送达。提出答辩状和举证的期限分别为公告期满后十五日内，并定于举证期满后的第三日上午九时在本院第一法庭公开开庭审理，逾期将依法缺席裁判。本院受
本院受理原告与被告纠纷一案，因你下落不明，依照《中华人民共和国民事诉讼法》的规定，向你公告送达起诉状副本、应诉通知书、举证通知书及开庭传票。自公告之日起经过三十日即视为送达。提出答辩状和举证的期限分别为公告期满后十五日内，并定于举证期满后的第三日上午九时在本院第一法庭公开开庭审理，逾期将依法缺席裁判。本院受理原告与被告纠纷一案，因你下落不明，依照《中华人民共和国民事诉讼法》的规定
本院受理原告与被告纠纷一案，因你下落不明，依照《中华人民共和国民事诉讼法》的规定，向你公告送达起诉状副本、应诉通知书、举证通知书及开庭传票。自公告之日起经过三十日即视为送达。提
四川省遂宁市中级人民法院
本院受理原告与被告纠纷一案，因你下落不明，依照《中华人民共和国民事诉讼法》的规定，向你公告送达起诉状副本、应诉通知书、举证通知书及开庭传票。自公告之日起经过三十日即视为送达。提出答辩状和举证的期限分别为公告期满后十五日内，并定于举证期满后的第三日上午
本院受理原告与被告纠纷一案，因你下落不明，依照《中华人民共和国民事诉讼法》的规定，向你公告送达起诉状副本、应诉通知书、举证通知书及开庭传票。自公告之日起经过三十日即视为送达。提出答辩状和举证的期限分别为公告期满后十五日内，并定于举证期满后的第三日上午九时在本院第一法庭公开开庭审理，逾期将依法缺席裁判。本院受理原告与被告纠纷
本院受理原告与被告纠纷一案，因你下落不明，依照《中华人民共和国民事诉讼法》的规定，向你公告送达起诉状副本、应诉通知书、举证通知书及开庭传票。自公告之日起经过三十日即视为送达。提出答辩状和举证的期限分别为公告期满后十五日内，并定于举证期满后的第三日上午九时在本院第一法庭公开开庭审理，逾期将依法缺席裁判。
四川省遂宁市中级人民法院
本院受理原告与被告纠纷一案，因你下落不明，依照《中华人民共和国民事诉讼法》的规定，向你公告送达起诉状副本、应诉通知书、举证通知书及开庭传票。自公告之日起经过三十日即视为送达。提出答辩状和举证的
本院受理原告与被告纠纷一案，因你下落不明，依照《中华人民共和国民事诉讼法》的规定，向你公告送达起诉状副本、应诉通知书、举证通知书及开庭传票。自公告之日起经过三十日即视为送达。提出答辩状和举证的期限分别为公告期满后十五日内，并定于举证期满后的第三日上午九时在本院第一法
本院受理原告与被告纠纷一案，因你下落不明，依照《中华人民共和国民事诉讼法》的规定，向你公告送达起诉状副本、应诉通知书、举证通知书及开庭传票。自公告之日起经过三十日即视为送达。提出答辩状和举证的期限分别为公告期满后十五日内，并定于举证期满后的第三日上午九时在本院第一法庭公开开庭审理，逾期将依法缺席裁判。
四川省遂宁市中级人民法院
本院受理原告与被告纠纷一案，因你下落不明，依照《中华人民共和国民事诉讼法》的规定，向你公告送达起诉状副本、应诉通知书、举证通知书及开庭
本院受理原告与被告纠纷一案，因你下落不明，依照《中华人民共和国民事诉讼法》的规定，向你公告送达起诉状副本、应诉通知书、举证通知书及开庭传票。自公告之日起经过三十日即视为送达。提出答辩状和举证的期限分别为公告期
本院受理原告与被告纠纷一案，因你下落不明，依照《中华人民共和国民事诉讼法》的规定，向你公告送达起诉状副本、应诉通知书、举证通知书及开庭传票。自公告之日起经过三十日即视为送达。提出答辩状和举证的期限分别为公告期满后十五日内，并定于举证期满后的第三日上午九时在本院第一法庭公开开庭审理，
四川省遂宁市中级人民法院
本院受理原告与被告纠纷一案，因你下落不明，依照《中华人民共和国民事诉讼法》的规定，向你公告送达起诉状副本、应诉通知书、举证通知书及开庭传票。自公告之日起经过三十日即视为送达。提出答辩状和举证的期限分别为公告期满后十五日内，并定于举证期满后的第三日上午九时在本院第一法庭公开开庭审理，逾期将依法缺席裁判。本院受理原告与被告纠纷一案，因你下落不明，依照《中华人
本院受理原告与被告纠纷一案，因你下落不明，依照《中华人民共和国民事诉讼法》的规定，向你公告送达起诉状副本、应诉通知书、举证通知书及开庭传票。自公告之日
本院受理原告与被告纠纷一案，因你下落不明，依照《中华人民共和国民事诉讼法》的规定，向你公告送达起诉状副本、应诉通知书、举证通知书及开庭传票。自公告之日起经过三十日即视为送达。提出答辩状和举证的期限分别为公告期满后十五日内，并
四川省遂宁市中级人民法院
本院受理原告与被告纠纷一案，因你下落不明，依照《中华人民共和国民事诉讼法》的规定，向你公告送达起诉状副本、应诉通知书、举证通知书及开庭传票。自公告之日起经过三十日即视为送达。提出答辩状和举证的期限分别为公告期满后十五日内，并定于举证期满后的第三日上午九时在本院第一法庭公开开庭审理，逾期将依法缺席裁
本院受理原告与被告纠纷一案，因你下落不明，依照《中华人民共和国民事诉讼法》的规定，向你公告送达起诉状副本、应诉通知书、举证通知书及开庭传票。自公告之日起经过三十日即视为送达。提出答辩状和举证的期限分别为公告期满后十五日内，并定于举证期满后的第三日上午九时在本院第一法庭公开开庭审理，逾期将依法缺席裁判。本院受理原告与被告纠纷一案，因你下落不明，依照《中华人民共和国民事诉讼
本院受理原告与被告纠纷一案，因你下落不明，依照《中华人民共和国民事诉讼法》的规定，向你公告送达起诉状副本、应诉通知书、举证通知书及开庭传票。自公告之日起经过三十日即视
四川省遂宁市中级人民法院
本院受理原告与被告纠纷一案，因你下落不明，依照《中华人民共和国民事诉讼法》的规定，向你公告送达起诉状副本、应诉通知书、举证通知书及开庭传票。自公告之日起经过三十日即视为送达。提出答辩状和举证的期限分别为公告期满后十五日内，并定于举证期满后的
本院受理原告与被告纠纷一案，因你下落不明，依照《中华人民共和国民事诉讼法》的规定，向你公告送达起诉状副本、应诉通知书、举证通知书及开庭传票。自公告之日起经过三十日即视为送达。提出答辩状和举证的期限分别为公告期满后十五日内，并定于举证期满后的第三日上午九时在本院第一法庭公开开庭审理，逾期将依法缺席裁判。本院受理原告
本院受理原告与被告纠纷一案，因你下落不明，依照《中华人民共和国民事诉讼法》的规定，向你公告送达起诉状副本、应诉通知书、举证通知书及开庭传票。自公告之日起经过三十日即视为送达。提出答辩状和举证的期限分别为公告期满后十五日内，并定于举证期满后的第三日上午九时在本院第一法庭公开开庭审理，逾期将依法缺席裁判。
四川省遂宁市中级人民法院
注销公告
本院受理原告与被告纠纷一案，因你下落不明，依照《中华人民共和国民事诉讼法》的规定，向你公告送达起诉状副本、应诉通知书、举证通知书及开庭传票。自公告之日起经过三十日即视为送达。提出答辩
本院受理原告与被告纠纷一案，因你下落不明，依照《中华人民共和国民事诉讼法》的规定，向你公告送达起诉状副本、应诉通知书、举证通知书及开庭传票。自公告之日起经过三十日即视为送达。提出答辩状和举证的期限分别为公告期满后十五日内，并定于举证期满后的第三日上午九时在
本院受理原告与被告纠纷一案，因你下落不明，依照《中华人民共和国民事诉讼法》的规定，向你公告送达起诉状副本、应诉通知书、举证通知书及开庭传票。自公告之日起经过三十日即视为送达。提出答辩状和举证的期限分别为公告期满后十五日内，并定于举证期满后的第三日上午九时在本院第一法庭公开开庭审理，逾期将依法缺席裁判。
四川省遂宁市中级人民法院
本院受理原告与被告纠纷一案，因你下落不明，依照《中华人民共和国民事诉讼法》的规定，向你公告送达起诉状副本、应诉通知书、举证通
本院受理原告与被告纠纷一案，因你下落不明，依照《中华人民共和国民事诉讼法》的规定，向你公告送达起诉状副本、应诉通知书、举证通知书及开庭传票。自公告之日起经过三十日即视为送达。提出答辩状和举证的期限分
本院受理原告与被告纠纷一案，因你下落不明，依照《中华人民共和国民事诉讼法》的规定，向你公告送达起诉状副本、应诉通知书、举证通知书及开庭传票。自公告之日起经过三十日即视为送达。提出答辩状和举证的期限分别为公告期满后十五日内，并定于举证期满后的第三日上午九时在本院第一法庭公开
四川省遂宁市中级人民法院
本院受理原告与被告纠纷一案，因你下落不明，依照《中华人民共和国民事诉讼法》的规定，向你公告送达起诉状副本、应诉通知书、举证通知书及开庭传票。自公告之日起经过三十日即视为送达。提出答辩状和举证的期限分别为公告期满后十五日内，并定于举证期满后的第三日上午九时在本院第一法庭公开开庭审理，逾期将依法缺席裁判。本院受理原告与被告纠纷一案，因你下落不明，依
本院受理原告与被告纠纷一案，因你下落不明，依照《中华人民共和国民事诉讼法》的规定，向你公告送达起诉状副本、应诉通知书、举证通知书及开庭传票。
本院受理原告与被告纠纷一案，因你下落不明，依照《中华人民共和国民事诉讼法》的规定，向你公告送达起诉状副本、应诉通知书、举证通知书及开庭传票。自公告之日起经过三十日即视为送达。提出答辩状和举证的期限分别为公告期满后十
四川省遂宁市中级人民法院
本院受理原告与被告纠纷一案，因你下落不明，依照《中华人民共和国民事诉讼法》的规定，向你公告送达起诉状副本、应诉通知书、举证通知书及开庭传票。自公告之日起经过三十日即视为送达。提出答辩状和举证的期限分别为公告期满后十五日内，并定于举证期满后的第三日上午九时在本院第一法庭公开开庭审理，逾期将
本院受理原告与被告纠纷一案，因你下落不明，依照《中华人民共和国民事诉讼法》的规定，向你公告送达起诉状副本、应诉通知书、举证通知书及开庭传票。自公告之日起经过三十日即视为送达。提出答辩状和举证的期限分别为公告期满后十五日内，并定于举证期满后的第三日上午九时在本院第一法庭公开开庭审理，逾期将依法缺席裁判。本院受理原告与被告纠纷一案，因你下落不明，依照《中华人民共和
本院受理原告与被告纠纷一案，因你下落不明，依照《中华人民共和国民事诉讼法》的规定，向你公告送达起诉状副本、应诉通知书、举证通知书及开庭传票。自公告之日起经过
四川省遂宁市中级人民法院
本院受理原告与被告纠纷一案，因你下落不明，依照《中华人民共和国民事诉讼法》的规定，向你公告送达起诉状副本、应诉通知书、举证通知书及开庭传票。自公告之日起经过三十日即视为送达。提出答辩状和举证的期限分别为公告期满后十五日内，并定于举
本院受理原告与被告纠纷一案，因你下落不明，依照《中华人民共和国民事诉讼法》的规定，向你公告送达起诉状副本、应诉通知书、举证通知书及开庭传票。自公告之日起经过三十日即视为送达。提出答辩状和举证的期限分别为公告期满后十五日内，并定于举证期满后的第三日上午九时在本院第一法庭公开开庭审理，逾期将依法缺席裁判。本
本院受理原告与被告纠纷一案，因你下落不明，依照《中华人民共和国民事诉讼法》的规定，向你公告送达起诉状副本、应诉通知书、举证通知书及开庭传票。自公告之日起经过三十日即视为送达。提出答辩状和举证的期限分别为公告期满后十五日内，并定于举证期满后的第三日上午九时在本院第一法庭公开开庭审理，逾期将依法缺席裁判。
四川省遂宁市中级人民法院
本院受理原告与被告纠纷一案，因你下落不明，依照《中华人民共和国民事诉讼法》的规定，向你公告送达起诉状副本、应诉通知书、举证通知书及开庭传票。自公告之日起经过三十日即视为送达
本院受理原告与被告纠纷一案，因你下落不明，依照《中华人民共和国民事诉讼法》的规定，向你公告送达起诉状副本、应诉通知书、举证通知书及开庭传票。自公告之日起经过三十日即视为送达。提出答辩状和举证的期限分别为公告期满后十五日内，并定于举证期满后的第三日
本院受理原告与被告纠纷一案，因你下落不明，依照《中华人民共和国民事诉讼法》的规定，向你公告送达起诉状副本、应诉通知书、举证通知书及开庭传票。自公告之日起经过三十日即视为送达。提出答辩状和举证的期限分别为公告期满后十五日内，并定于举证期满后的第三日上午九时在本院第一法庭公开开庭审理，逾期将依法缺席裁判。
四川省遂宁市中级人民法院
本院受理原告与被告纠纷一案，因你下落不明，依照《中华人民共和国民事诉讼法》的规定，向你公告送达起诉状副本、应诉通知书、举证通知书及开庭传票。自公告之日起经过三十日即视为送达。提出答辩状和举证的期限分别为公告期满后十五日内，并定于举证期满后的第三日上午九时在本院第一法庭公开开庭审理，逾期将依法缺席裁判。本院受理原告与被告纠纷一案，因你下落不明，依照《中华人民共和国民事诉讼法》的规定，向你公告送
本院受理原告与被告纠纷一案，因你下落不明，依照《中华人民共和国民事诉讼法》的规定，向你公告送达起诉状副本、应诉通知书、举证通知书及开庭传票。自公告之日起经过三十日即视为送达。提出答辩状和举
本院受理原告与被告纠纷一案，因你下落不明，依照《中华人民共和国民事诉讼法》的规定，向你公告送达起诉状副本、应诉通知书、举证通知书及开庭传票。自公告之日起经过三十日即视为送达。提出答辩状和举证的期限分别为公告期满后十五日内，并定于举证期满后的第三日上午九时在本院第
四川省遂宁市中级人民法院
本院受理原告与被告纠纷一案，因你下落不明，依照《中华人民共和国民事诉讼法》的规定，向你公告送达起诉状副本、应诉通知书、举证通知书及开庭传票。自公告之日起经过三十日即视为送达。提出答辩状和举证的期限分别为公告期满后十五日内，并定于举证期满后的第三日上午九时在本院第一法庭公开开庭审理，逾期将依法缺席裁判。本院受理原告与被告纠纷一案，因你下
本院受理原告与被告纠纷一案，因你下落不明，依照《中华人民共和国民事诉讼法》的规定，向你公告送达起诉状副本、应诉通知书、举证通知书及
本院受理原告与被告纠纷一案，因你下落不明，依照《中华人民共和国民事诉讼法》的规定，向你公告送达起诉状副本、应诉通知书、举证通知书及开庭传票。自公告之日起经过三十日即视为送达。提出答辩状和举证的期限分别为公
四川省遂宁市中级人民法院
本院受理原告与被告纠纷一案，因你下落不明，依照《中华人民共和国民事诉讼法》的规定，向你公告送达起诉状副本、应诉通知书、举证通知书及开庭传票。自公告之日起经过三十日即视为送达。提出答辩状和举证的期限分别为公告期满后十五日内，并定于举证期满后的第三日上午九时在本院第一法庭公开开庭审
本院受理原告与被告纠纷一案，因你下落不明，依照《中华人民共和国民事诉讼法》的规定，向你公告送达起诉状副本、应诉通知书、举证通知书及开庭传票。自公告之日起经过三十日即视为送达。提出答辩状和举证的期限分别为公告期满后十五日内，并定于举证期满后的第三日上午九时在本院第一法庭公开开庭审理，逾期将依法缺席裁判。本院受理原告与被告纠纷一案，因你下落不明，依照《中
特此公告
